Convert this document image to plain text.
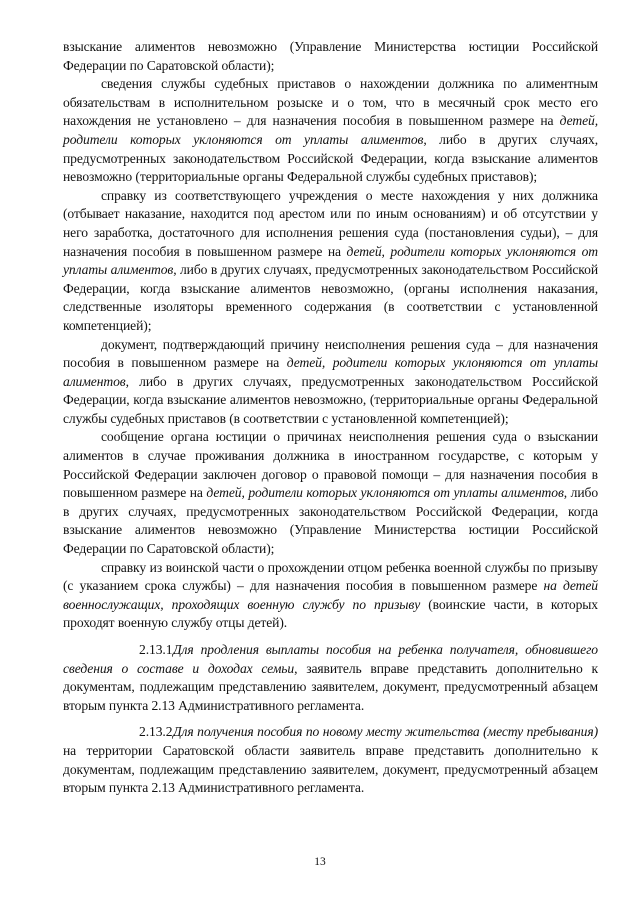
взыскание алиментов невозможно (Управление Министерства юстиции Российской Федерации по Саратовской области);

сведения службы судебных приставов о нахождении должника по алиментным обязательствам в исполнительном розыске и о том, что в месячный срок место его нахождения не установлено – для назначения пособия в повышенном размере на детей, родители которых уклоняются от уплаты алиментов, либо в других случаях, предусмотренных законодательством Российской Федерации, когда взыскание алиментов невозможно (территориальные органы Федеральной службы судебных приставов);

справку из соответствующего учреждения о месте нахождения у них должника (отбывает наказание, находится под арестом или по иным основаниям) и об отсутствии у него заработка, достаточного для исполнения решения суда (постановления судьи), – для назначения пособия в повышенном размере на детей, родители которых уклоняются от уплаты алиментов, либо в других случаях, предусмотренных законодательством Российской Федерации, когда взыскание алиментов невозможно, (органы исполнения наказания, следственные изоляторы временного содержания (в соответствии с установленной компетенцией);

документ, подтверждающий причину неисполнения решения суда – для назначения пособия в повышенном размере на детей, родители которых уклоняются от уплаты алиментов, либо в других случаях, предусмотренных законодательством Российской Федерации, когда взыскание алиментов невозможно, (территориальные органы Федеральной службы судебных приставов (в соответствии с установленной компетенцией);

сообщение органа юстиции о причинах неисполнения решения суда о взыскании алиментов в случае проживания должника в иностранном государстве, с которым у Российской Федерации заключен договор о правовой помощи – для назначения пособия в повышенном размере на детей, родители которых уклоняются от уплаты алиментов, либо в других случаях, предусмотренных законодательством Российской Федерации, когда взыскание алиментов невозможно (Управление Министерства юстиции Российской Федерации по Саратовской области);

справку из воинской части о прохождении отцом ребенка военной службы по призыву (с указанием срока службы) – для назначения пособия в повышенном размере на детей военнослужащих, проходящих военную службу по призыву (воинские части, в которых проходят военную службу отцы детей).

2.13.1.Для продления выплаты пособия на ребенка получателя, обновившего сведения о составе и доходах семьи, заявитель вправе представить дополнительно к документам, подлежащим представлению заявителем, документ, предусмотренный абзацем вторым пункта 2.13 Административного регламента.

2.13.2.Для получения пособия по новому месту жительства (месту пребывания) на территории Саратовской области заявитель вправе представить дополнительно к документам, подлежащим представлению заявителем, документ, предусмотренный абзацем вторым пункта 2.13 Административного регламента.

13
